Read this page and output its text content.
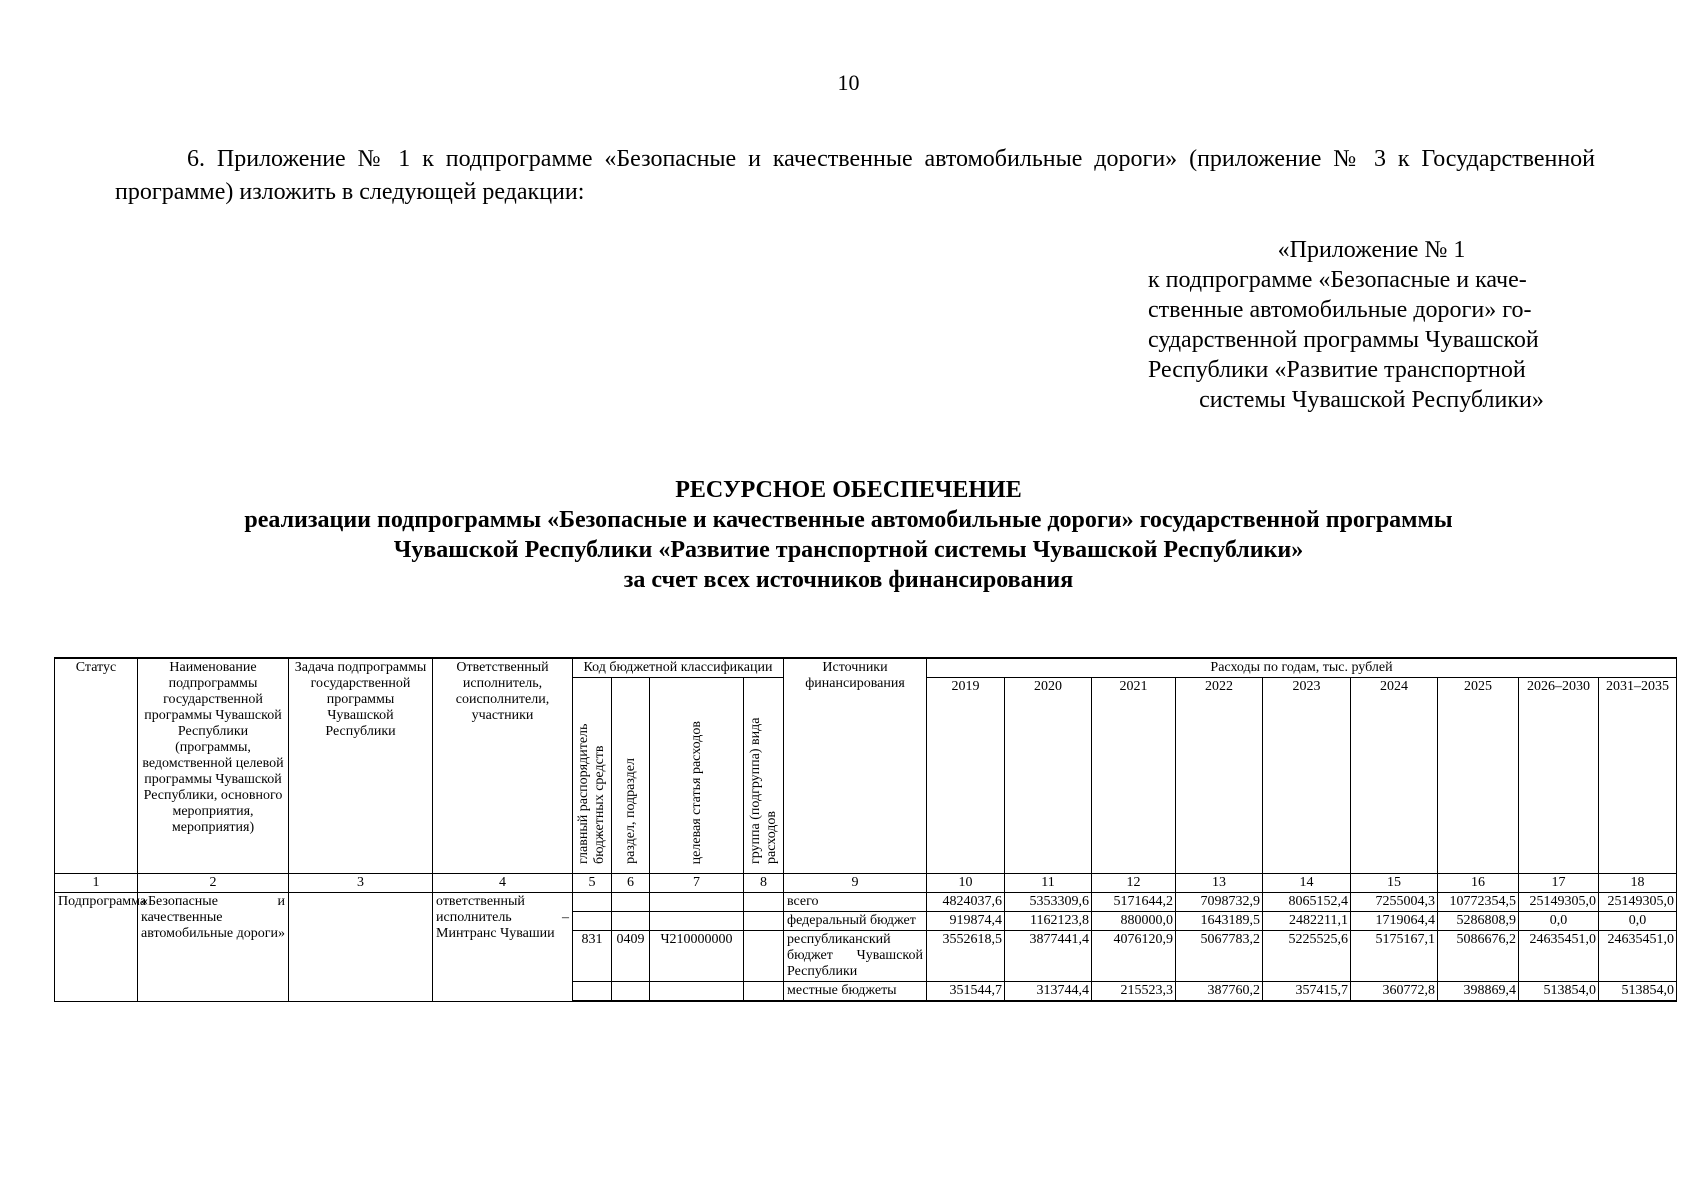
10
6. Приложение № 1 к подпрограмме «Безопасные и качественные автомобильные дороги» (приложение № 3 к Государственной программе) изложить в следующей редакции:
«Приложение № 1
к подпрограмме «Безопасные и каче-
ственные автомобильные дороги» го-
сударственной программы Чувашской
Республики «Развитие транспортной
системы Чувашской Республики»
РЕСУРСНОЕ ОБЕСПЕЧЕНИЕ
реализации подпрограммы «Безопасные и качественные автомобильные дороги» государственной программы
Чувашской Республики «Развитие транспортной системы Чувашской Республики»
за счет всех источников финансирования
Статус	Наименование подпрограммы государственной программы Чувашской Республики (программы, ведомственной целевой программы Чувашской Республики, основного мероприятия, мероприятия)	Задача подпрограммы государственной программы Чувашской Республики	Ответственный исполнитель, соисполнители, участники	Код бюджетной классификации				Источники финансирования	Расходы по годам, тыс. рублей								
				главный распорядитель бюджетных средств	раздел, подраздел	целевая статья расходов	группа (подгруппа) вида расходов		2019	2020	2021	2022	2023	2024	2025	2026–2030	2031–2035
1	2	3	4	5	6	7	8	9	10	11	12	13	14	15	16	17	18
Подпрограмма	«Безопасные и качественные автомобильные дороги»		ответственный исполнитель – Минтранс Чувашии					всего	4824037,6	5353309,6	5171644,2	7098732,9	8065152,4	7255004,3	10772354,5	25149305,0	25149305,0
								федеральный бюджет	919874,4	1162123,8	880000,0	1643189,5	2482211,1	1719064,4	5286808,9	0,0	0,0
				831	0409	Ч210000000		республиканский бюджет Чувашской Республики	3552618,5	3877441,4	4076120,9	5067783,2	5225525,6	5175167,1	5086676,2	24635451,0	24635451,0
								местные бюджеты	351544,7	313744,4	215523,3	387760,2	357415,7	360772,8	398869,4	513854,0	513854,0
